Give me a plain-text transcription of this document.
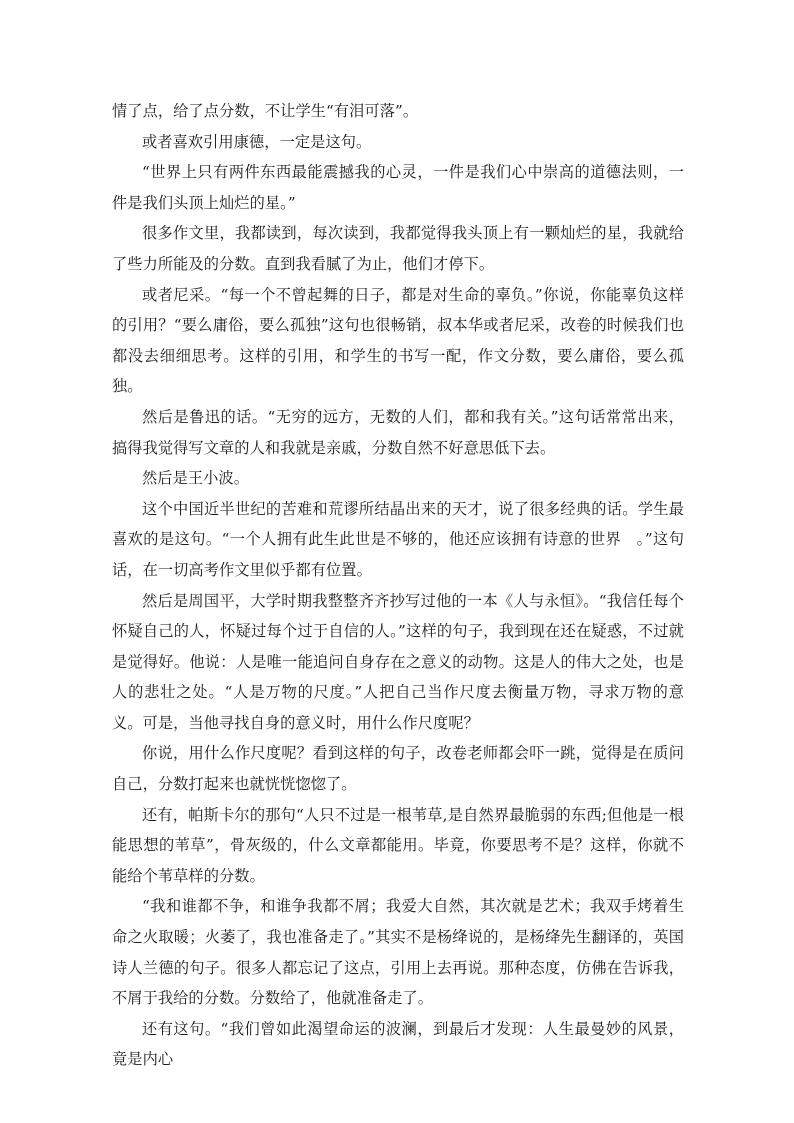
情了点，给了点分数，不让学生“有泪可落”。

或者喜欢引用康德，一定是这句。

“世界上只有两件东西最能震撼我的心灵，一件是我们心中崇高的道德法则，一件是我们头顶上灿烂的星。”

很多作文里，我都读到，每次读到，我都觉得我头顶上有一颗灿烂的星，我就给了些力所能及的分数。直到我看腻了为止，他们才停下。

或者尼采。“每一个不曾起舞的日子，都是对生命的辜负。”你说，你能辜负这样的引用？“要么庸俗，要么孤独”这句也很畅销，叔本华或者尼采，改卷的时候我们也都没去细细思考。这样的引用，和学生的书写一配，作文分数，要么庸俗，要么孤独。

然后是鲁迅的话。“无穷的远方，无数的人们，都和我有关。”这句话常常出来，搞得我觉得写文章的人和我就是亲戚，分数自然不好意思低下去。

然后是王小波。

这个中国近半世纪的苦难和荒谬所结晶出来的天才，说了很多经典的话。学生最喜欢的是这句。“一个人拥有此生此世是不够的，他还应该拥有诗意的世界　。”这句话，在一切高考作文里似乎都有位置。

然后是周国平，大学时期我整整齐齐抄写过他的一本《人与永恒》。“我信任每个怀疑自己的人，怀疑过每个过于自信的人。”这样的句子，我到现在还在疑惑，不过就是觉得好。他说：人是唯一能追问自身存在之意义的动物。这是人的伟大之处，也是人的悲壮之处。“人是万物的尺度。”人把自己当作尺度去衡量万物，寻求万物的意义。可是，当他寻找自身的意义时，用什么作尺度呢？

你说，用什么作尺度呢？看到这样的句子，改卷老师都会吓一跳，觉得是在质问自己，分数打起来也就恍恍惚惚了。

还有，帕斯卡尔的那句“人只不过是一根苇草,是自然界最脆弱的东西;但他是一根能思想的苇草”，骨灰级的，什么文章都能用。毕竟，你要思考不是？这样，你就不能给个苇草样的分数。

“我和谁都不争，和谁争我都不屑；我爱大自然，其次就是艺术；我双手烤着生命之火取暖；火萎了，我也准备走了。”其实不是杨绛说的，是杨绛先生翻译的，英国诗人兰德的句子。很多人都忘记了这点，引用上去再说。那种态度，仿佛在告诉我，不屑于我给的分数。分数给了，他就准备走了。

还有这句。“我们曾如此渴望命运的波澜，到最后才发现：人生最曼妙的风景，竟是内心
